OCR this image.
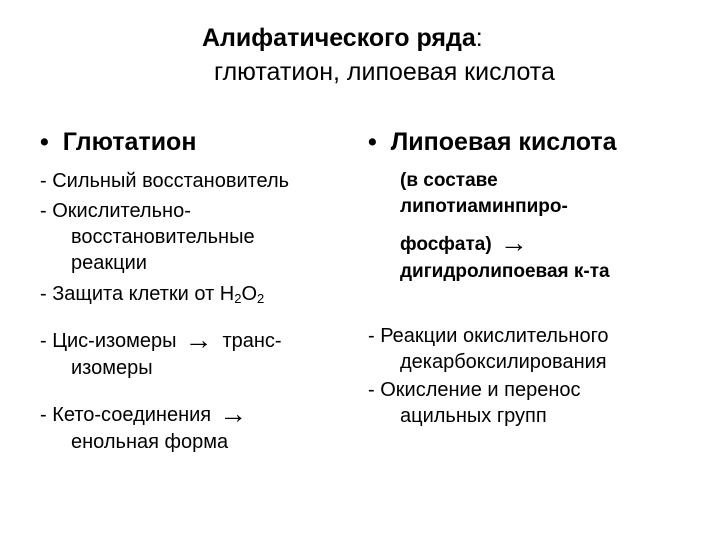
Алифатического ряда:
глютатион, липоевая кислота
• Глютатион
- Сильный восстановитель
- Окислительно-
восстановительные
реакции
- Защита клетки от $H_2O_2$
- Цис-изомеры → транс-
изомеры
- Кето-соединения →
енольная форма
• Липоевая кислота
(в составе
липотиаминпиро-
фосфата) →
дигидролипоевая к-та
- Реакции окислительного
декарбоксилирования
- Окисление и перенос
ацильных групп
